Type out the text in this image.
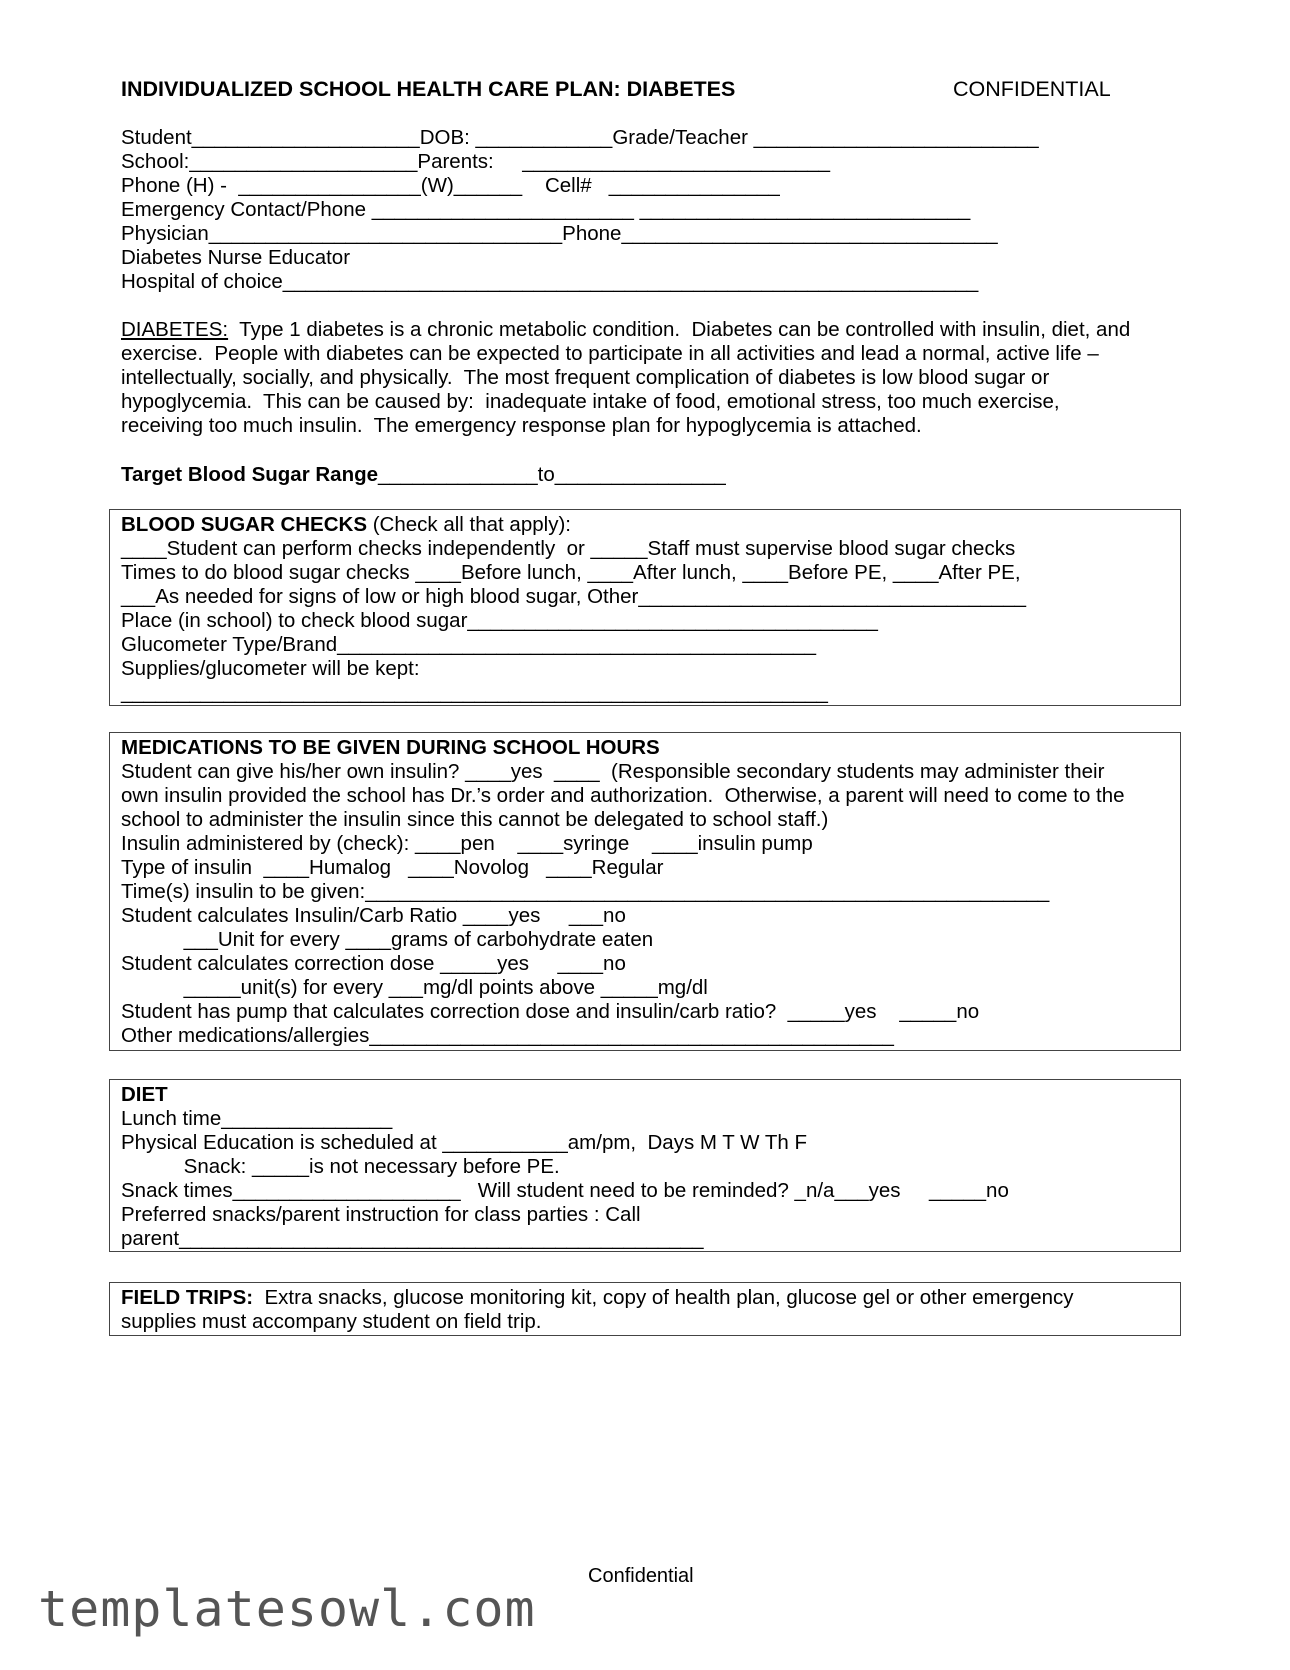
INDIVIDUALIZED SCHOOL HEALTH CARE PLAN: DIABETES	CONFIDENTIAL
Student____________________DOB: ____________Grade/Teacher _________________________
School:____________________Parents:     ___________________________
Phone (H) -  ________________(W)______    Cell#   _______________
Emergency Contact/Phone _______________________ _____________________________
Physician_______________________________Phone_________________________________
Diabetes Nurse Educator
Hospital of choice_____________________________________________________________
DIABETES:  Type 1 diabetes is a chronic metabolic condition.  Diabetes can be controlled with insulin, diet, and
exercise.  People with diabetes can be expected to participate in all activities and lead a normal, active life –
intellectually, socially, and physically.  The most frequent complication of diabetes is low blood sugar or
hypoglycemia.  This can be caused by:  inadequate intake of food, emotional stress, too much exercise,
receiving too much insulin.  The emergency response plan for hypoglycemia is attached.
Target Blood Sugar Range______________to_______________
BLOOD SUGAR CHECKS (Check all that apply):
____Student can perform checks independently  or _____Staff must supervise blood sugar checks
Times to do blood sugar checks ____Before lunch, ____After lunch, ____Before PE, ____After PE,
___As needed for signs of low or high blood sugar, Other__________________________________
Place (in school) to check blood sugar____________________________________
Glucometer Type/Brand__________________________________________
Supplies/glucometer will be kept:
______________________________________________________________
MEDICATIONS TO BE GIVEN DURING SCHOOL HOURS
Student can give his/her own insulin? ____yes  ____  (Responsible secondary students may administer their
own insulin provided the school has Dr.’s order and authorization.  Otherwise, a parent will need to come to the
school to administer the insulin since this cannot be delegated to school staff.)
Insulin administered by (check): ____pen    ____syringe    ____insulin pump
Type of insulin  ____Humalog   ____Novolog   ____Regular
Time(s) insulin to be given:____________________________________________________________
Student calculates Insulin/Carb Ratio ____yes     ___no
___Unit for every ____grams of carbohydrate eaten
Student calculates correction dose _____yes     ____no
_____unit(s) for every ___mg/dl points above _____mg/dl
Student has pump that calculates correction dose and insulin/carb ratio?  _____yes    _____no
Other medications/allergies______________________________________________
DIET
Lunch time_______________
Physical Education is scheduled at ___________am/pm,  Days M T W Th F
Snack: _____is not necessary before PE.
Snack times____________________   Will student need to be reminded? _n/a___yes     _____no
Preferred snacks/parent instruction for class parties : Call
parent______________________________________________
FIELD TRIPS:  Extra snacks, glucose monitoring kit, copy of health plan, glucose gel or other emergency
supplies must accompany student on field trip.
Confidential
templatesowl.com
